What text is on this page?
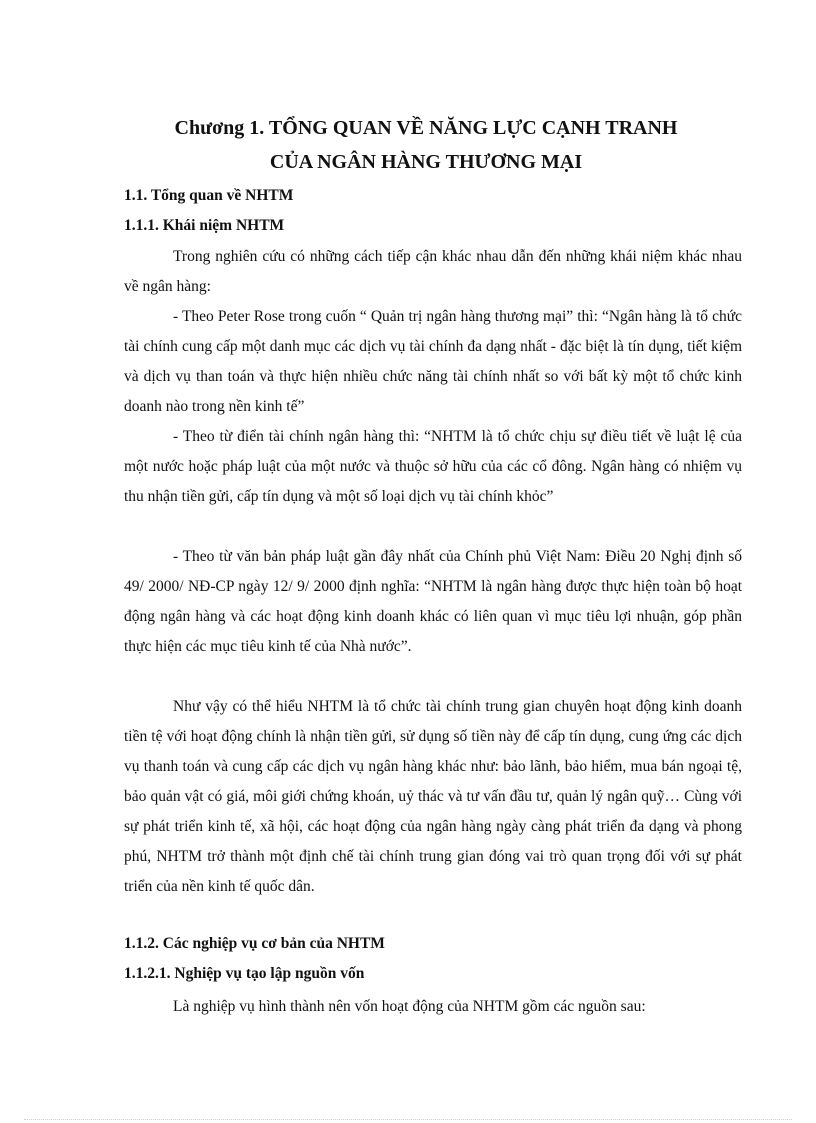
Chương 1. TỔNG QUAN VỀ NĂNG LỰC CẠNH TRANH
CỦA NGÂN HÀNG THƯƠNG MẠI
1.1. Tổng quan về NHTM
1.1.1. Khái niệm NHTM

Trong nghiên cứu có những cách tiếp cận khác nhau dẫn đến những khái niệm khác nhau về ngân hàng:

- Theo Peter Rose trong cuốn “ Quản trị ngân hàng thương mại” thì: “Ngân hàng là tổ chức tài chính cung cấp một danh mục các dịch vụ tài chính đa dạng nhất - đặc biệt là tín dụng, tiết kiệm và dịch vụ than toán và thực hiện nhiều chức năng tài chính nhất so với bất kỳ một tổ chức kinh doanh nào trong nền kinh tế”

- Theo từ điển tài chính ngân hàng thì: “NHTM là tổ chức chịu sự điều tiết về luật lệ của một nước hoặc pháp luật của một nước và thuộc sở hữu của các cổ đông. Ngân hàng có nhiệm vụ thu nhận tiền gửi, cấp tín dụng và một số loại dịch vụ tài chính khỏc”

- Theo từ văn bản pháp luật gần đây nhất của Chính phủ Việt Nam: Điều 20 Nghị định số 49/ 2000/ NĐ-CP ngày 12/ 9/ 2000 định nghĩa: “NHTM là ngân hàng được thực hiện toàn bộ hoạt động ngân hàng và các hoạt động kinh doanh khác có liên quan vì mục tiêu lợi nhuận, góp phần thực hiện các mục tiêu kinh tế của Nhà nước”.

Như vậy có thể hiểu NHTM là tổ chức tài chính trung gian chuyên hoạt động kinh doanh tiền tệ với hoạt động chính là nhận tiền gửi, sử dụng số tiền này để cấp tín dụng, cung ứng các dịch vụ thanh toán và cung cấp các dịch vụ ngân hàng khác như: bảo lãnh, bảo hiểm, mua bán ngoại tệ, bảo quản vật có giá, môi giới chứng khoán, uỷ thác và tư vấn đầu tư, quản lý ngân quỹ… Cùng với sự phát triển kinh tế, xã hội, các hoạt động của ngân hàng ngày càng phát triển đa dạng và phong phú, NHTM trở thành một định chế tài chính trung gian đóng vai trò quan trọng đối với sự phát triển của nền kinh tế quốc dân.

1.1.2. Các nghiệp vụ cơ bản của NHTM
1.1.2.1. Nghiệp vụ tạo lập nguồn vốn

Là nghiệp vụ hình thành nên vốn hoạt động của NHTM gồm các nguồn sau:
